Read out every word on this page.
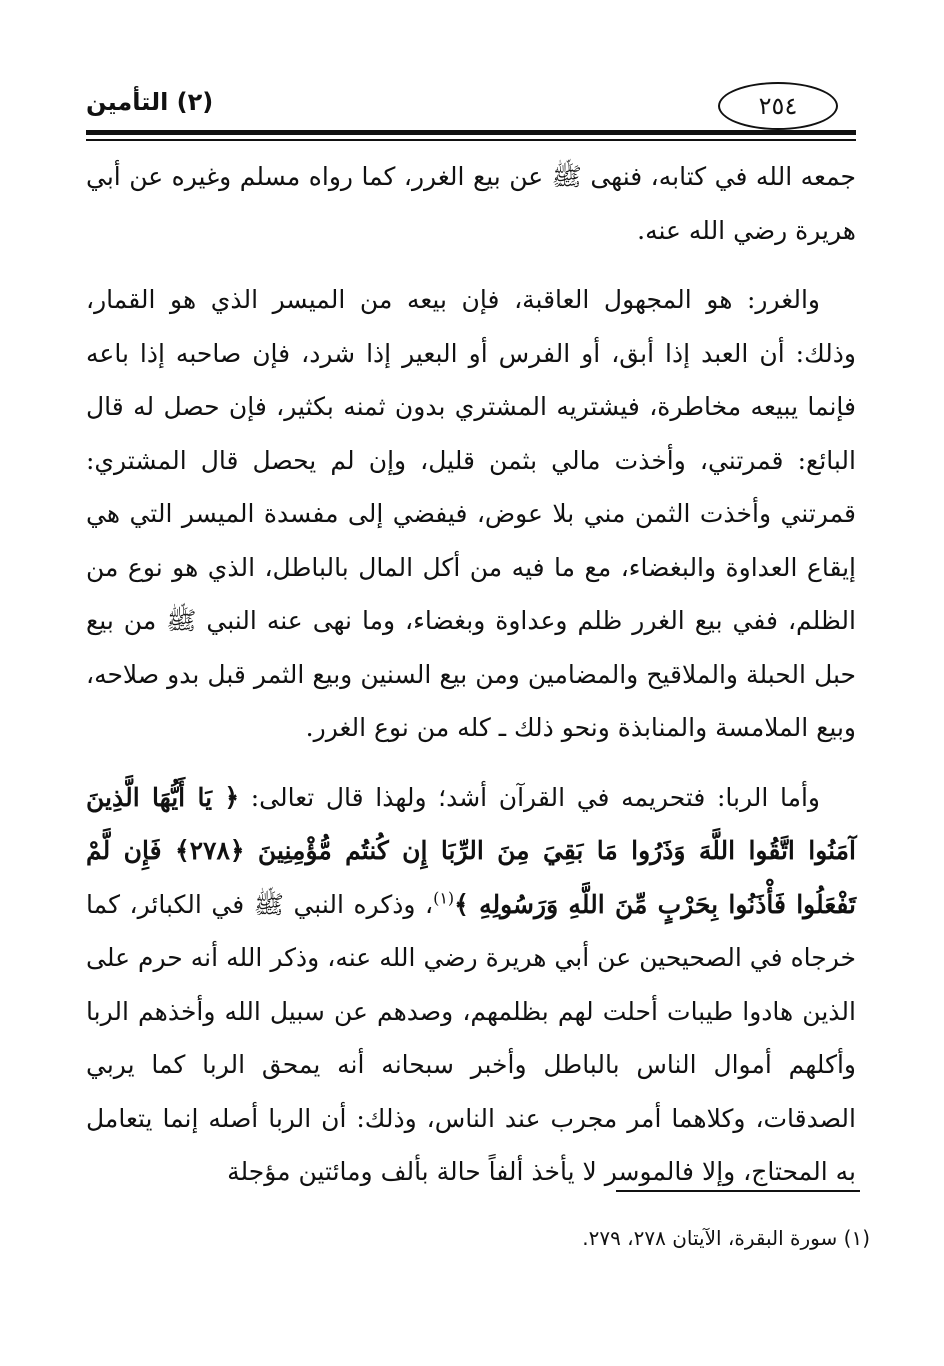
(٢) التأمين	٢٥٤

جمعه الله في كتابه، فنهى ﷺ عن بيع الغرر، كما رواه مسلم وغيره عن أبي هريرة رضي الله عنه.

والغرر: هو المجهول العاقبة، فإن بيعه من الميسر الذي هو القمار، وذلك: أن العبد إذا أبق، أو الفرس أو البعير إذا شرد، فإن صاحبه إذا باعه فإنما يبيعه مخاطرة، فيشتريه المشتري بدون ثمنه بكثير، فإن حصل له قال البائع: قمرتني، وأخذت مالي بثمن قليل، وإن لم يحصل قال المشتري: قمرتني وأخذت الثمن مني بلا عوض، فيفضي إلى مفسدة الميسر التي هي إيقاع العداوة والبغضاء، مع ما فيه من أكل المال بالباطل، الذي هو نوع من الظلم، ففي بيع الغرر ظلم وعداوة وبغضاء، وما نهى عنه النبي ﷺ من بيع حبل الحبلة والملاقيح والمضامين ومن بيع السنين وبيع الثمر قبل بدو صلاحه، وبيع الملامسة والمنابذة ونحو ذلك ـ كله من نوع الغرر.

وأما الربا: فتحريمه في القرآن أشد؛ ولهذا قال تعالى: ﴿ يَا أَيُّهَا الَّذِينَ آمَنُوا اتَّقُوا اللَّهَ وَذَرُوا مَا بَقِيَ مِنَ الرِّبَا إِن كُنتُم مُّؤْمِنِينَ ﴿٢٧٨﴾ فَإِن لَّمْ تَفْعَلُوا فَأْذَنُوا بِحَرْبٍ مِّنَ اللَّهِ وَرَسُولِهِ ﴾$^{(١)}$، وذكره النبي ﷺ في الكبائر، كما خرجاه في الصحيحين عن أبي هريرة رضي الله عنه، وذكر الله أنه حرم على الذين هادوا طيبات أحلت لهم بظلمهم، وصدهم عن سبيل الله وأخذهم الربا وأكلهم أموال الناس بالباطل وأخبر سبحانه أنه يمحق الربا كما يربي الصدقات، وكلاهما أمر مجرب عند الناس، وذلك: أن الربا أصله إنما يتعامل به المحتاج، وإلا فالموسر لا يأخذ ألفاً حالة بألف ومائتين مؤجلة

(١) سورة البقرة، الآيتان ٢٧٨، ٢٧٩.
